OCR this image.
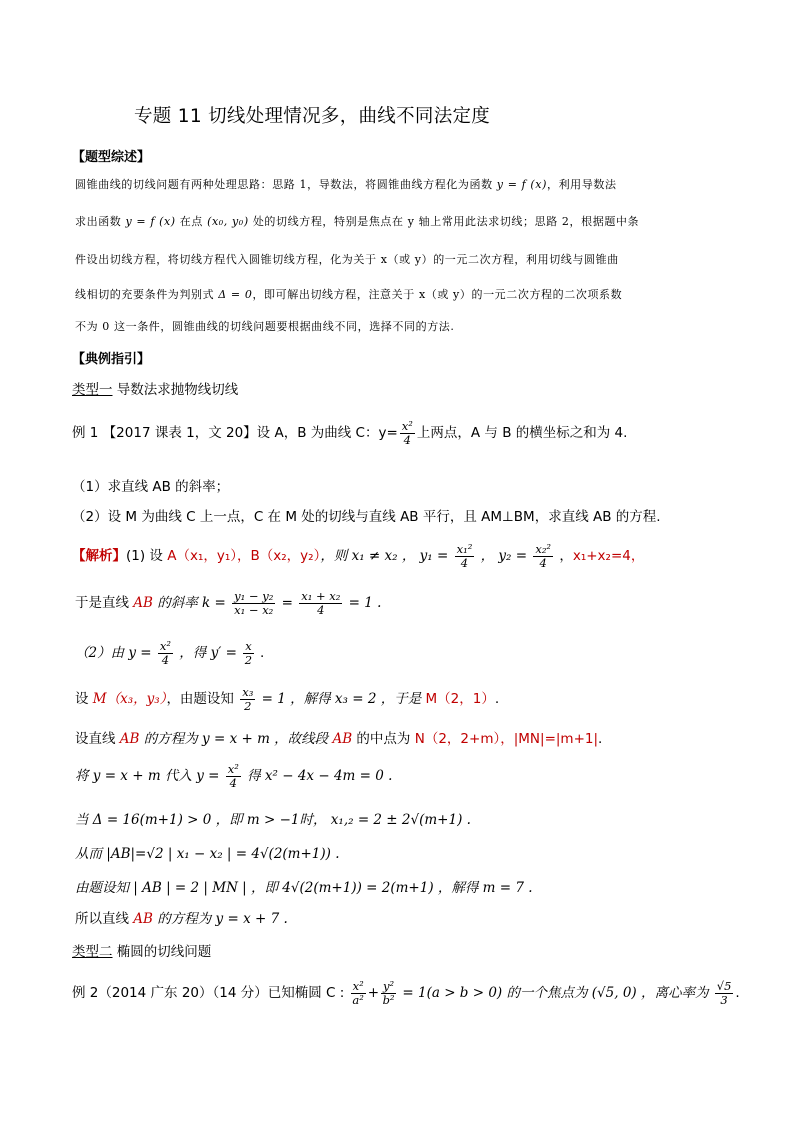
专题 11 切线处理情况多，曲线不同法定度
【题型综述】
圆锥曲线的切线问题有两种处理思路：思路 1，导数法，将圆锥曲线方程化为函数 y = f (x)，利用导数法
求出函数 y = f (x) 在点 (x₀, y₀) 处的切线方程，特别是焦点在 y 轴上常用此法求切线；思路 2，根据题中条
件设出切线方程，将切线方程代入圆锥切线方程，化为关于 x（或 y）的一元二次方程，利用切线与圆锥曲
线相切的充要条件为判别式 Δ = 0，即可解出切线方程，注意关于 x（或 y）的一元二次方程的二次项系数
不为 0 这一条件，圆锥曲线的切线问题要根据曲线不同，选择不同的方法.
【典例指引】
类型一 导数法求抛物线切线
例 1 【2017 课表 1，文 20】设 A，B 为曲线 C：$y= \frac{\text{x²}}{4}$ 上两点，A 与 B 的横坐标之和为 4.
（1）求直线 AB 的斜率；
（2）设 M 为曲线 C 上一点，C 在 M 处的切线与直线 AB 平行，且 AM⊥BM，求直线 AB 的方程.
【解析】(1) 设 A（x₁，y₁），B（x₂，y₂），则 x₁ ≠ x₂ ， $y_1 = \frac{\text{x₁²}}{4}$ ， $y_2 = \frac{\text{x₂²}}{4}$ ，x₁+x₂=4，
于是直线 AB 的斜率 $k = \frac{\text{y₁ − y₂}}{\text{x₁ − x₂}} = \frac{\text{x₁ + x₂}}{4} = 1$ .
（2）由 $y = \frac{\text{x²}}{4}$ ，得 $y' = \frac{x}{2}$ .
设 M（x₃，y₃），由题设知 $\frac{\text{x₃}}{2} = 1$ ，解得 x₃ = 2 ，于是 M（2，1）.
设直线 AB 的方程为 y = x + m ，故线段 AB 的中点为 N（2，2+m），|MN|=|m+1|.
将 y = x + m 代入 $y = \frac{\text{x²}}{4}$ 得 x² − 4x − 4m = 0 .
当 Δ = 16(m+1) > 0 ，即 m > −1时， x₁,₂ = 2 ± 2√(m+1) .
从而 |AB|=√2 | x₁ − x₂ | = 4√(2(m+1)) .
由题设知 | AB | = 2 | MN | ，即 4√(2(m+1)) = 2(m+1) ，解得 m = 7 .
所以直线 AB 的方程为 y = x + 7 .
类型二 椭圆的切线问题
例 2（2014 广东 20）（14 分）已知椭圆 C : $\frac{\text{x²}}{\text{a²}} + \frac{\text{y²}}{\text{b²}} = 1(a > b > 0)$ 的一个焦点为 (√5, 0) ，离心率为 $\frac{√5}{3}$ .
